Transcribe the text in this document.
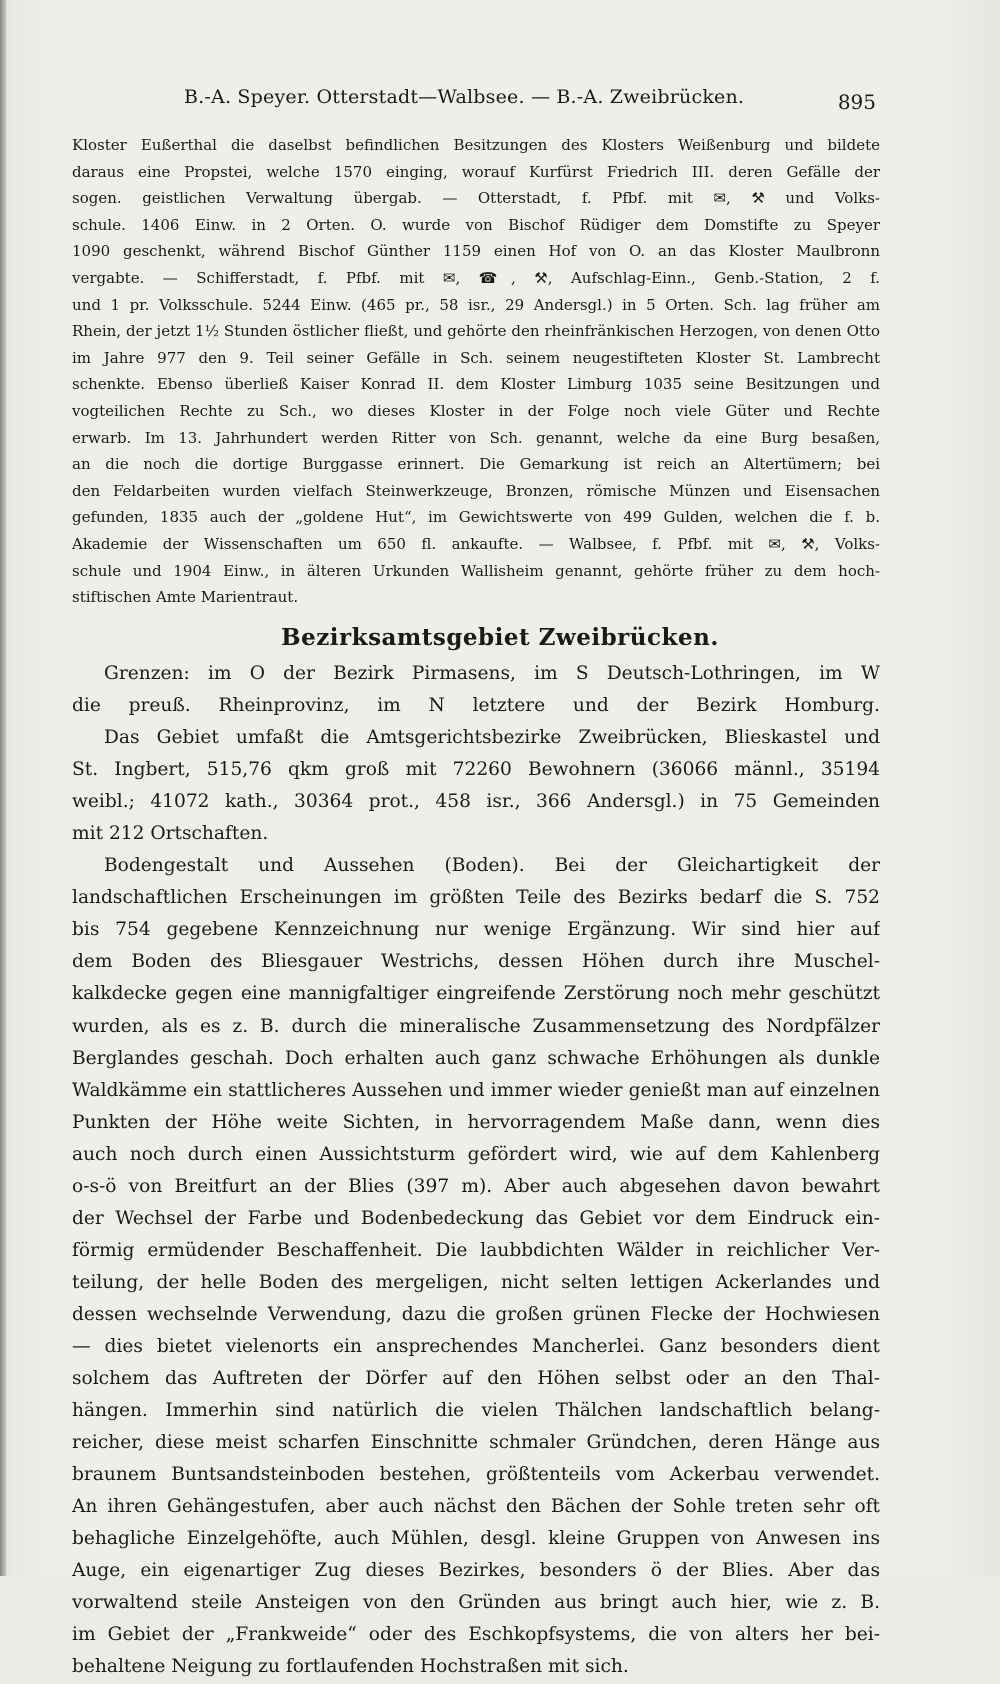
B.-A. Speyer. Otterstadt—Walbsee. — B.-A. Zweibrücken.	895
Kloster Eußerthal die daselbst befindlichen Besitzungen des Klosters Weißenburg und bildete
daraus eine Propstei, welche 1570 einging, worauf Kurfürst Friedrich III. deren Gefälle der
sogen. geistlichen Verwaltung übergab. — Otterstadt, f. Pfbf. mit ✉, ⚒ und Volks-
schule. 1406 Einw. in 2 Orten. O. wurde von Bischof Rüdiger dem Domstifte zu Speyer
1090 geschenkt, während Bischof Günther 1159 einen Hof von O. an das Kloster Maulbronn
vergabte. — Schifferstadt, f. Pfbf. mit ✉, ☎, ⚒, Aufschlag-Einn., Genb.-Station, 2 f.
und 1 pr. Volksschule. 5244 Einw. (465 pr., 58 isr., 29 Andersgl.) in 5 Orten. Sch. lag früher am
Rhein, der jetzt 1½ Stunden östlicher fließt, und gehörte den rheinfränkischen Herzogen, von denen Otto
im Jahre 977 den 9. Teil seiner Gefälle in Sch. seinem neugestifteten Kloster St. Lambrecht
schenkte. Ebenso überließ Kaiser Konrad II. dem Kloster Limburg 1035 seine Besitzungen und
vogteilichen Rechte zu Sch., wo dieses Kloster in der Folge noch viele Güter und Rechte
erwarb. Im 13. Jahrhundert werden Ritter von Sch. genannt, welche da eine Burg besaßen,
an die noch die dortige Burggasse erinnert. Die Gemarkung ist reich an Altertümern; bei
den Feldarbeiten wurden vielfach Steinwerkzeuge, Bronzen, römische Münzen und Eisensachen
gefunden, 1835 auch der „goldene Hut“, im Gewichtswerte von 499 Gulden, welchen die f. b.
Akademie der Wissenschaften um 650 fl. ankaufte. — Walbsee, f. Pfbf. mit ✉, ⚒, Volks-
schule und 1904 Einw., in älteren Urkunden Wallisheim genannt, gehörte früher zu dem hoch-
stiftischen Amte Marientraut.
Bezirksamtsgebiet Zweibrücken.
Grenzen: im O der Bezirk Pirmasens, im S Deutsch-Lothringen, im W
die preuß. Rheinprovinz, im N letztere und der Bezirk Homburg.
Das Gebiet umfaßt die Amtsgerichtsbezirke Zweibrücken, Blieskastel und
St. Ingbert, 515,76 qkm groß mit 72260 Bewohnern (36066 männl., 35194
weibl.; 41072 kath., 30364 prot., 458 isr., 366 Andersgl.) in 75 Gemeinden
mit 212 Ortschaften.
Bodengestalt und Aussehen (Boden). Bei der Gleichartigkeit der
landschaftlichen Erscheinungen im größten Teile des Bezirks bedarf die S. 752
bis 754 gegebene Kennzeichnung nur wenige Ergänzung. Wir sind hier auf
dem Boden des Bliesgauer Westrichs, dessen Höhen durch ihre Muschel-
kalkdecke gegen eine mannigfaltiger eingreifende Zerstörung noch mehr geschützt
wurden, als es z. B. durch die mineralische Zusammensetzung des Nordpfälzer
Berglandes geschah. Doch erhalten auch ganz schwache Erhöhungen als dunkle
Waldkämme ein stattlicheres Aussehen und immer wieder genießt man auf einzelnen
Punkten der Höhe weite Sichten, in hervorragendem Maße dann, wenn dies
auch noch durch einen Aussichtsturm gefördert wird, wie auf dem Kahlenberg
o-s-ö von Breitfurt an der Blies (397 m). Aber auch abgesehen davon bewahrt
der Wechsel der Farbe und Bodenbedeckung das Gebiet vor dem Eindruck ein-
förmig ermüdender Beschaffenheit. Die laubbdichten Wälder in reichlicher Ver-
teilung, der helle Boden des mergeligen, nicht selten lettigen Ackerlandes und
dessen wechselnde Verwendung, dazu die großen grünen Flecke der Hochwiesen
— dies bietet vielenorts ein ansprechendes Mancherlei. Ganz besonders dient
solchem das Auftreten der Dörfer auf den Höhen selbst oder an den Thal-
hängen. Immerhin sind natürlich die vielen Thälchen landschaftlich belang-
reicher, diese meist scharfen Einschnitte schmaler Gründchen, deren Hänge aus
braunem Buntsandsteinboden bestehen, größtenteils vom Ackerbau verwendet.
An ihren Gehängestufen, aber auch nächst den Bächen der Sohle treten sehr oft
behagliche Einzelgehöfte, auch Mühlen, desgl. kleine Gruppen von Anwesen ins
Auge, ein eigenartiger Zug dieses Bezirkes, besonders ö der Blies. Aber das
vorwaltend steile Ansteigen von den Gründen aus bringt auch hier, wie z. B.
im Gebiet der „Frankweide“ oder des Eschkopfsystems, die von alters her bei-
behaltene Neigung zu fortlaufenden Hochstraßen mit sich.
